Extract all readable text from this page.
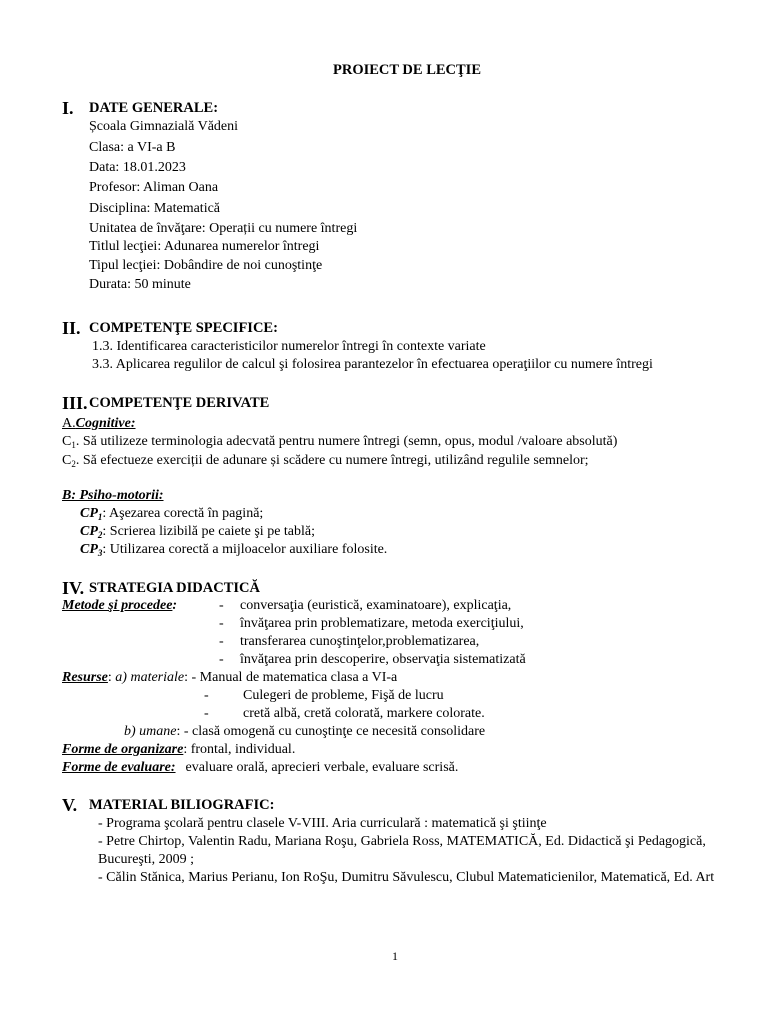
PROIECT DE LECŢIE
I. DATE GENERALE:
Școala Gimnazială Vădeni
Clasa: a VI-a B
Data: 18.01.2023
Profesor: Aliman Oana
Disciplina: Matematică
Unitatea de învăţare: Operații cu numere întregi
Titlul lecţiei: Adunarea numerelor întregi
Tipul lecţiei: Dobândire de noi cunoştinţe
Durata: 50 minute
II. COMPETENŢE SPECIFICE:
1.3. Identificarea caracteristicilor numerelor întregi în contexte variate
3.3. Aplicarea regulilor de calcul şi folosirea parantezelor în efectuarea operaţiilor cu numere întregi
III. COMPETENŢE DERIVATE
A.Cognitive:
$C_1$. Să utilizeze terminologia adecvată pentru numere întregi (semn, opus, modul /valoare absolută)
$C_2$. Să efectueze exerciții de adunare și scădere cu numere întregi, utilizând regulile semnelor;
B: Psiho-motorii:
$CP_1$: Aşezarea corectă în pagină;
$CP_2$: Scrierea lizibilă pe caiete şi pe tablă;
$CP_3$: Utilizarea corectă a mijloacelor auxiliare folosite.
IV. STRATEGIA DIDACTICĂ
Metode şi procedee:	- conversaţia (euristică, examinatoare), explicaţia,
- învăţarea prin problematizare, metoda exerciţiului,
- transferarea cunoştinţelor,problematizarea,
- învăţarea prin descoperire, observaţia sistematizată
Resurse: a) materiale: - Manual de matematica clasa a VI-a
- Culegeri de probleme, Fişă de lucru
- cretă albă, cretă colorată, markere colorate.
b) umane: - clasă omogenă cu cunoştinţe ce necesită consolidare
Forme de organizare: frontal, individual.
Forme de evaluare: evaluare orală, aprecieri verbale, evaluare scrisă.
V. MATERIAL BILIOGRAFIC:
- Programa şcolară pentru clasele V-VIII. Aria curriculară : matematică şi ştiinţe
- Petre Chirtop, Valentin Radu, Mariana Roşu, Gabriela Ross, MATEMATICĂ, Ed. Didactică şi Pedagogică, Bucureşti, 2009 ;
- Călin Stănica, Marius Perianu, Ion RoŞu, Dumitru Săvulescu, Clubul Matematicienilor, Matematică, Ed. Art
1
